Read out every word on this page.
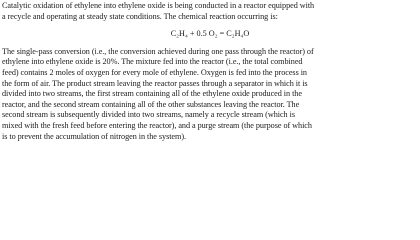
Catalytic oxidation of ethylene into ethylene oxide is being conducted in a reactor equipped with
a recycle and operating at steady state conditions. The chemical reaction occurring is:

C₂H₄ + 0.5 O₂ = C₂H₄O

The single-pass conversion (i.e., the conversion achieved during one pass through the reactor) of
ethylene into ethylene oxide is 20%. The mixture fed into the reactor (i.e., the total combined
feed) contains 2 moles of oxygen for every mole of ethylene. Oxygen is fed into the process in
the form of air. The product stream leaving the reactor passes through a separator in which it is
divided into two streams, the first stream containing all of the ethylene oxide produced in the
reactor, and the second stream containing all of the other substances leaving the reactor. The
second stream is subsequently divided into two streams, namely a recycle stream (which is
mixed with the fresh feed before entering the reactor), and a purge stream (the purpose of which
is to prevent the accumulation of nitrogen in the system).
